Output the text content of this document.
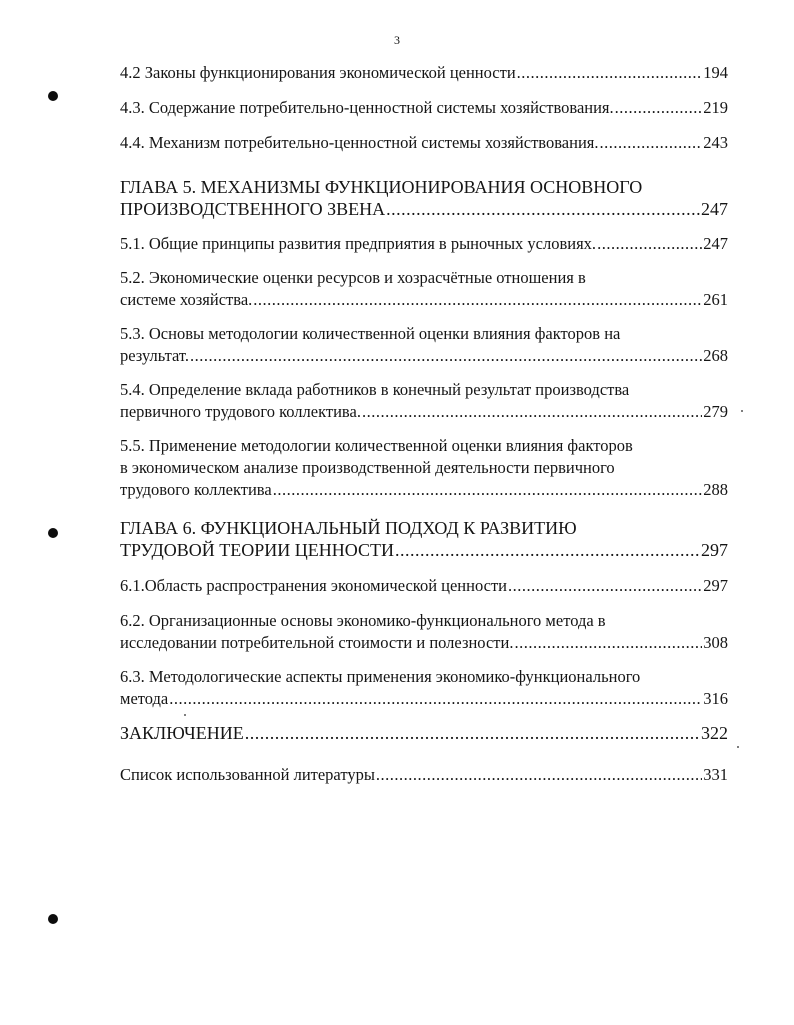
3
4.2 Законы функционирования экономической ценности .....	194
4.3. Содержание потребительно-ценностной системы хозяйствования. .....	219
4.4. Механизм потребительно-ценностной системы хозяйствования. .....	243
ГЛАВА 5. МЕХАНИЗМЫ ФУНКЦИОНИРОВАНИЯ ОСНОВНОГО
ПРОИЗВОДСТВЕННОГО ЗВЕНА .....	247
5.1. Общие принципы развития предприятия в рыночных условиях. .....	247
5.2. Экономические оценки ресурсов и хозрасчётные отношения в
системе хозяйства. .....	261
5.3. Основы методологии количественной оценки влияния факторов на
результат. .....	268
5.4. Определение вклада работников в конечный результат производства
первичного трудового коллектива. .....	279
5.5. Применение методологии количественной оценки влияния факторов
в экономическом анализе производственной деятельности первичного
трудового коллектива .....	288
ГЛАВА 6. ФУНКЦИОНАЛЬНЫЙ ПОДХОД К РАЗВИТИЮ
ТРУДОВОЙ ТЕОРИИ ЦЕННОСТИ .....	297
6.1.Область распространения экономической ценности .....	297
6.2. Организационные основы экономико-функционального метода в
исследовании потребительной стоимости и полезности. .....	308
6.3. Методологические аспекты применения экономико-функционального
метода .....	316
ЗАКЛЮЧЕНИЕ .....	322
Список использованной литературы .....	331
